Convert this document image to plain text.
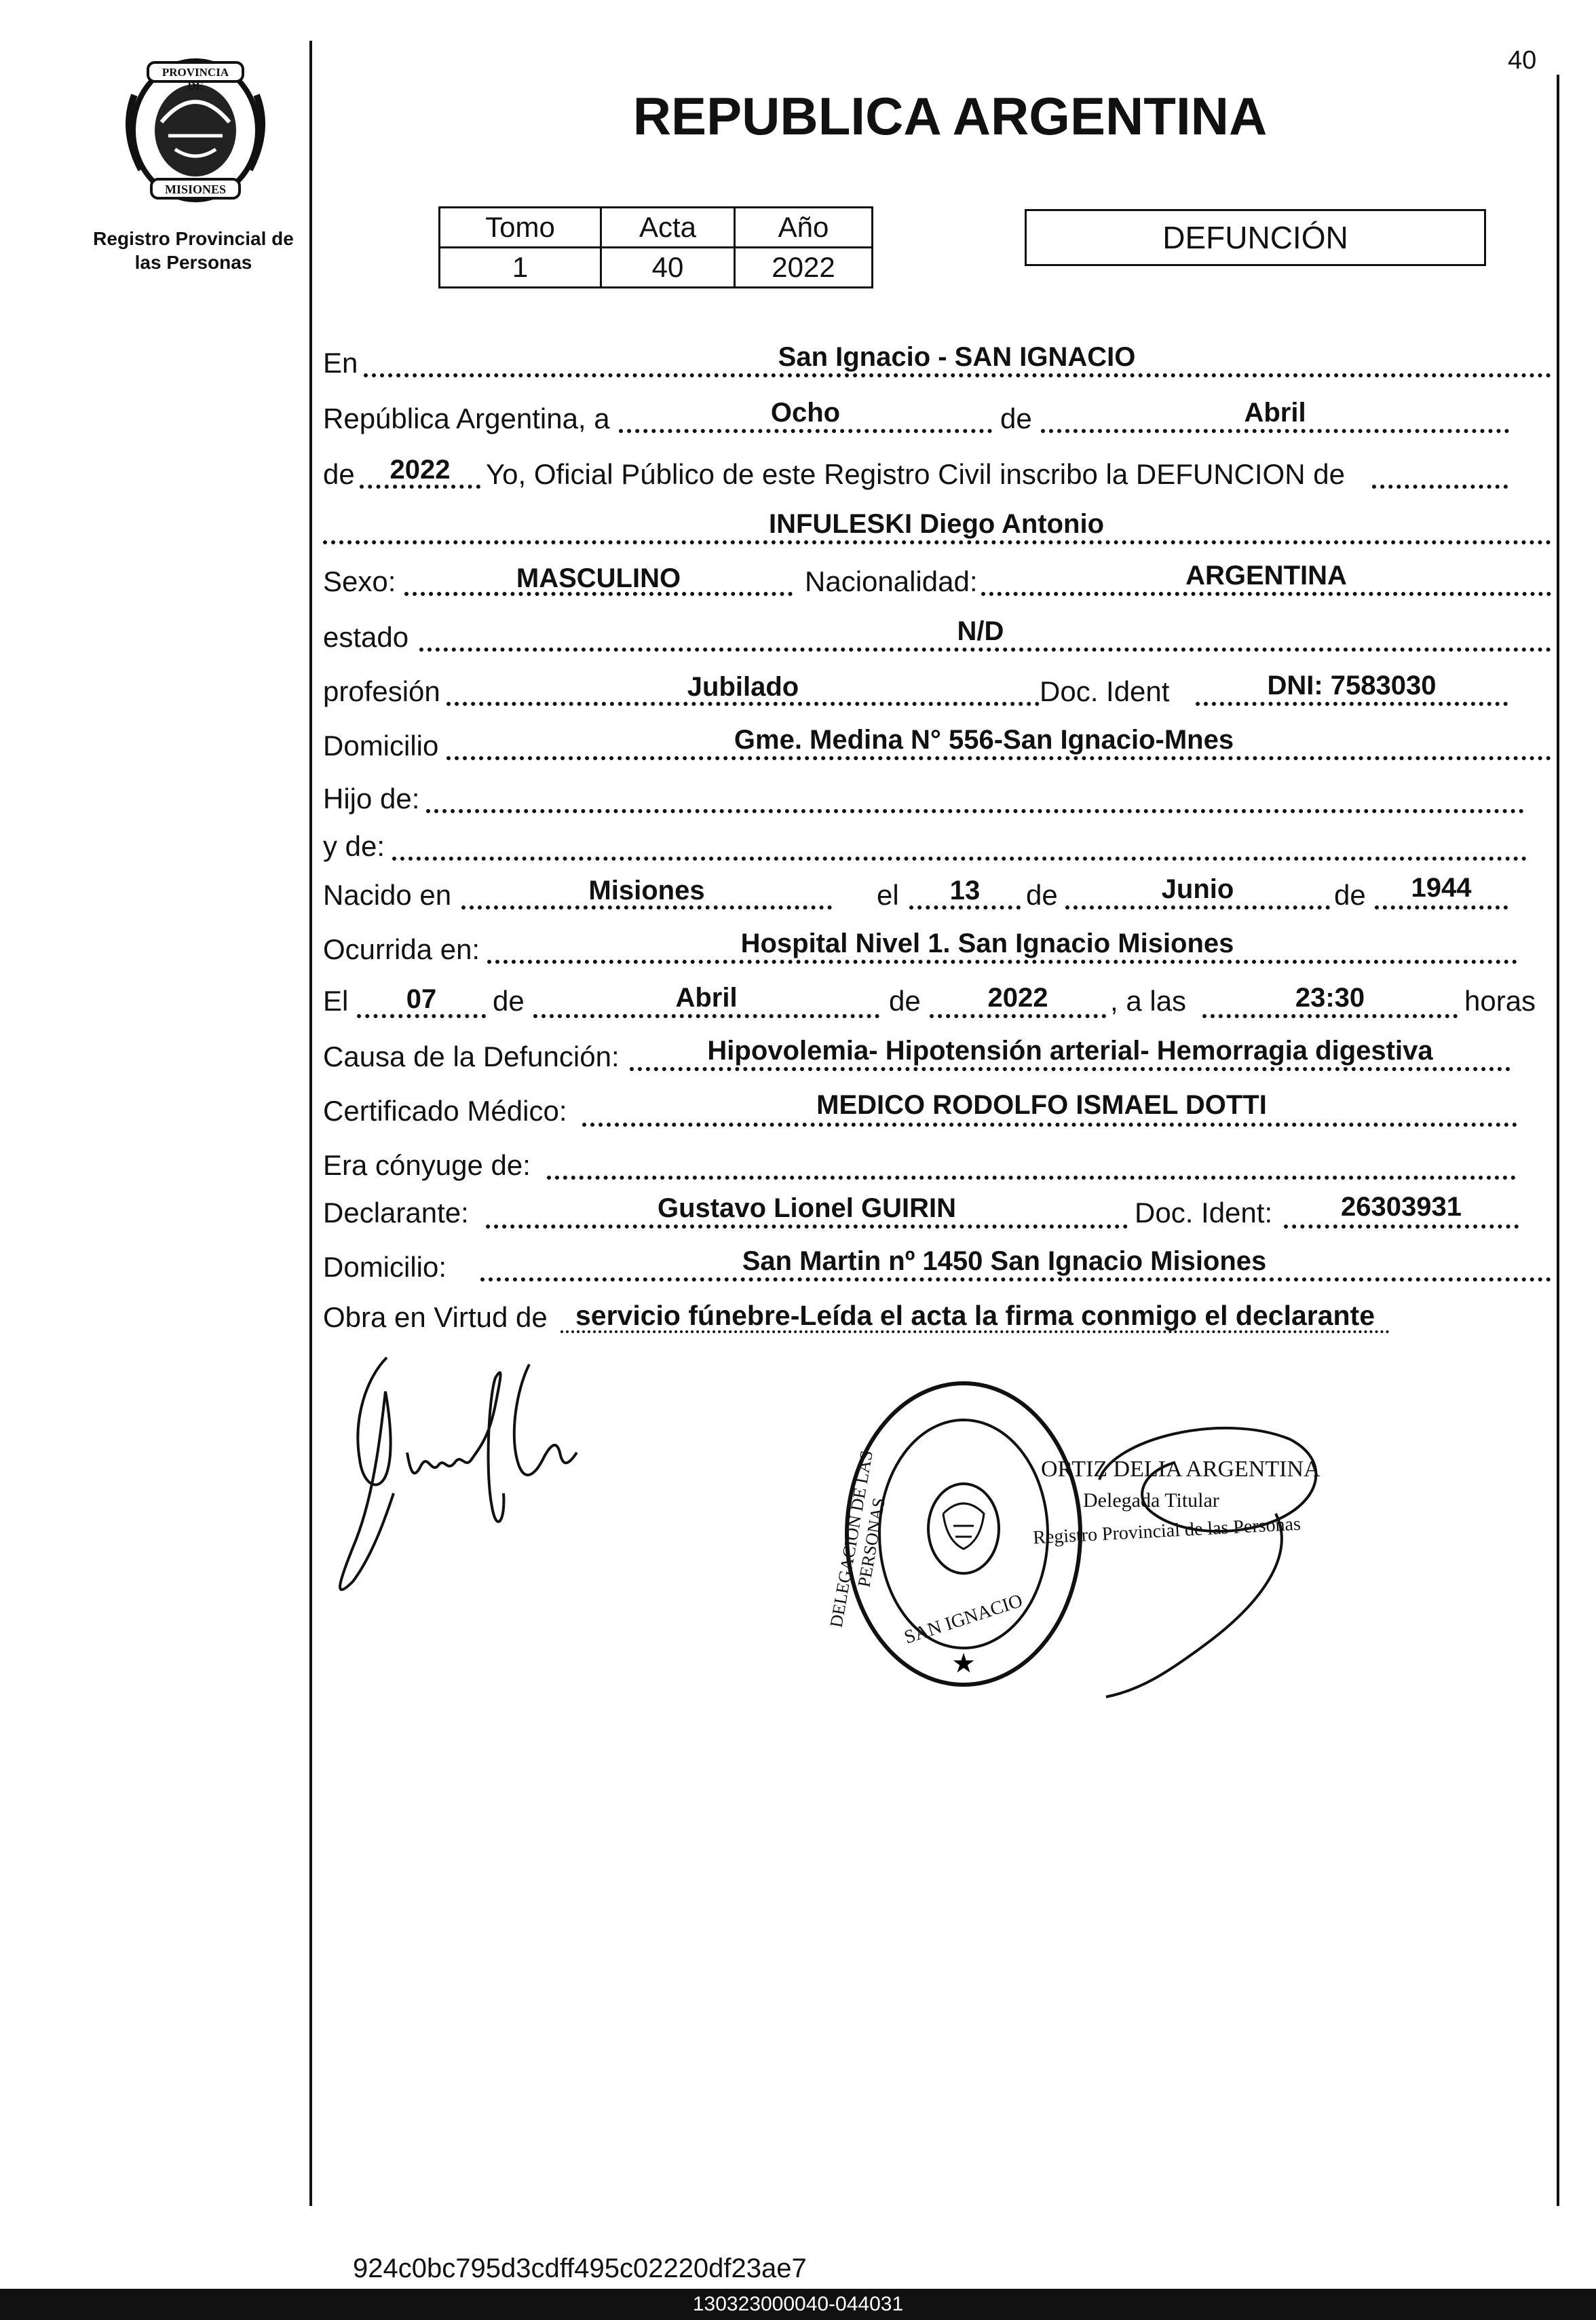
40
PROVINCIA DE
MISIONES
Registro Provincial de las Personas
REPUBLICA ARGENTINA
Tomo	Acta	Año
1	40	2022
DEFUNCIÓN
En	San Ignacio - SAN IGNACIO
República Argentina, a	Ocho	de	Abril
de	2022	Yo, Oficial Público de este Registro Civil inscribo la DEFUNCION de
INFULESKI Diego Antonio
Sexo:	MASCULINO	Nacionalidad:	ARGENTINA
estado	N/D
profesión	Jubilado	Doc. Ident	DNI: 7583030
Domicilio	Gme. Medina N° 556-San Ignacio-Mnes
Hijo de:
y de:
Nacido en	Misiones	el	13	de	Junio	de	1944
Ocurrida en:	Hospital Nivel 1. San Ignacio Misiones
El	07	de	Abril	de	2022	, a las	23:30	horas
Causa de la Defunción:	Hipovolemia- Hipotensión arterial- Hemorragia digestiva
Certificado Médico:	MEDICO RODOLFO ISMAEL DOTTI
Era cónyuge de:
Declarante:	Gustavo Lionel GUIRIN	Doc. Ident:	26303931
Domicilio:	San Martin nº 1450 San Ignacio Misiones
Obra en Virtud de	servicio fúnebre-Leída el acta la firma conmigo el declarante
★
DELEGACION DE LAS PERSONAS
SAN IGNACIO
ORTIZ DELIA ARGENTINA
Delegada Titular
Registro Provincial de las Personas
924c0bc795d3cdff495c02220df23ae7
130323000040-044031
